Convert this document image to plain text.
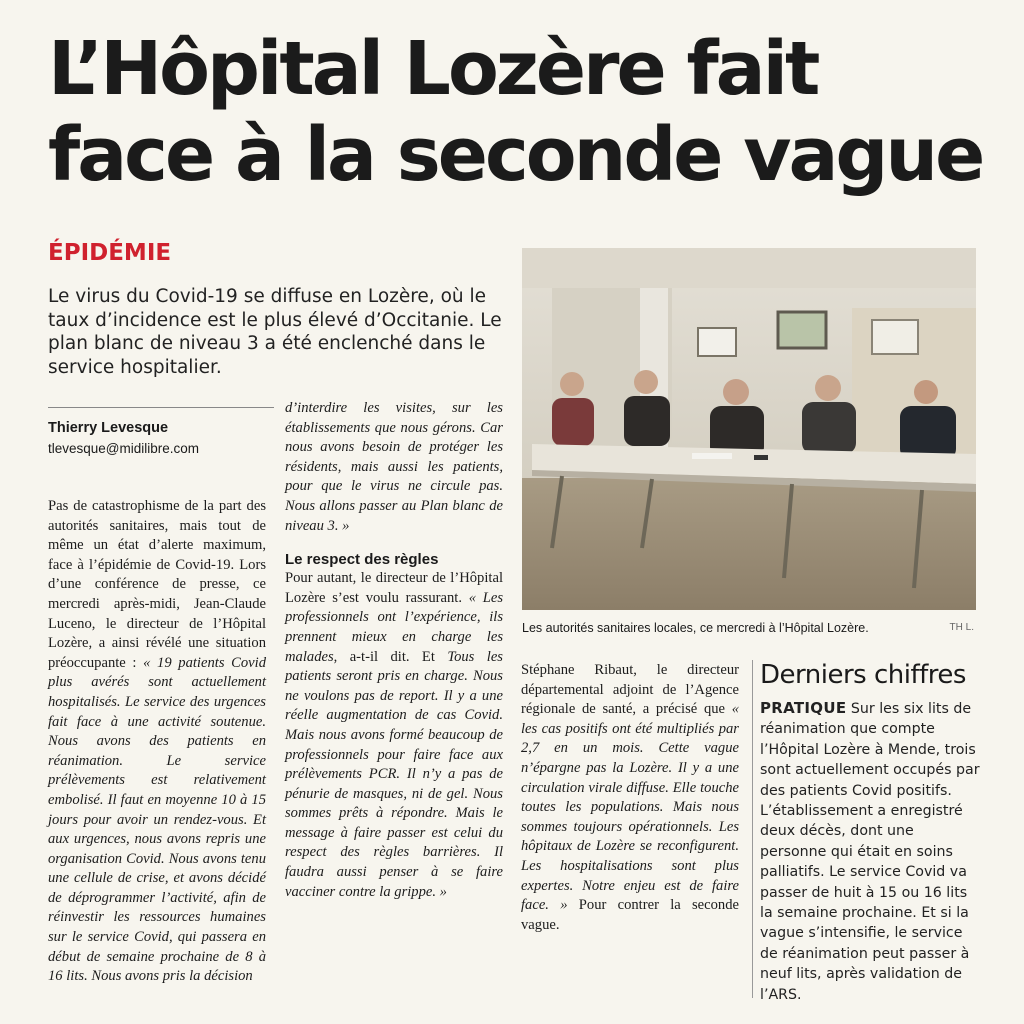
L’Hôpital Lozère fait
face à la seconde vague
ÉPIDÉMIE
Le virus du Covid-19 se diffuse en Lozère, où le taux d’incidence est le plus élevé d’Occitanie. Le plan blanc de niveau 3 a été enclenché dans le service hospitalier.
Thierry Levesque
tlevesque@midilibre.com

Pas de catastrophisme de la part des autorités sanitaires, mais tout de même un état d’alerte maximum, face à l’épidémie de Covid-19. Lors d’une conférence de presse, ce mercredi après-midi, Jean-Claude Luceno, le directeur de l’Hôpital Lozère, a ainsi révélé une situation préoccupante : « 19 patients Covid plus avérés sont actuellement hospitalisés. Le service des urgences fait face à une activité soutenue. Nous avons des patients en réanimation. Le service prélèvements est relativement embolisé. Il faut en moyenne 10 à 15 jours pour avoir un rendez-vous. Et aux urgences, nous avons repris une organisation Covid. Nous avons tenu une cellule de crise, et avons décidé de déprogrammer l’activité, afin de réinvestir les ressources humaines sur le service Covid, qui passera en début de semaine prochaine de 8 à 16 lits. Nous avons pris la décision

d’interdire les visites, sur les établissements que nous gérons. Car nous avons besoin de protéger les résidents, mais aussi les patients, pour que le virus ne circule pas. Nous allons passer au Plan blanc de niveau 3. »

Le respect des règles

Pour autant, le directeur de l’Hôpital Lozère s’est voulu rassurant. « Les professionnels ont l’expérience, ils prennent mieux en charge les malades, a-t-il dit. Et Tous les patients seront pris en charge. Nous ne voulons pas de report. Il y a une réelle augmentation de cas Covid. Mais nous avons formé beaucoup de professionnels pour faire face aux prélèvements PCR. Il n’y a pas de pénurie de masques, ni de gel. Nous sommes prêts à répondre. Mais le message à faire passer est celui du respect des règles barrières. Il faudra aussi penser à se faire vacciner contre la grippe. »

Stéphane Ribaut, le directeur départemental adjoint de l’Agence régionale de santé, a précisé que « les cas positifs ont été multipliés par 2,7 en un mois. Cette vague n’épargne pas la Lozère. Il y a une circulation virale diffuse. Elle touche toutes les populations. Mais nous sommes toujours opérationnels. Les hôpitaux de Lozère se reconfigurent. Les hospitalisations sont plus expertes. Notre enjeu est de faire face. » Pour contrer la seconde vague.

Les autorités sanitaires locales, ce mercredi à l’Hôpital Lozère.	TH L.
Derniers chiffres
PRATIQUE Sur les six lits de réanimation que compte l’Hôpital Lozère à Mende, trois sont actuellement occupés par des patients Covid positifs. L’établissement a enregistré deux décès, dont une personne qui était en soins palliatifs. Le service Covid va passer de huit à 15 ou 16 lits la semaine prochaine. Et si la vague s’intensifie, le service de réanimation peut passer à neuf lits, après validation de l’ARS.
